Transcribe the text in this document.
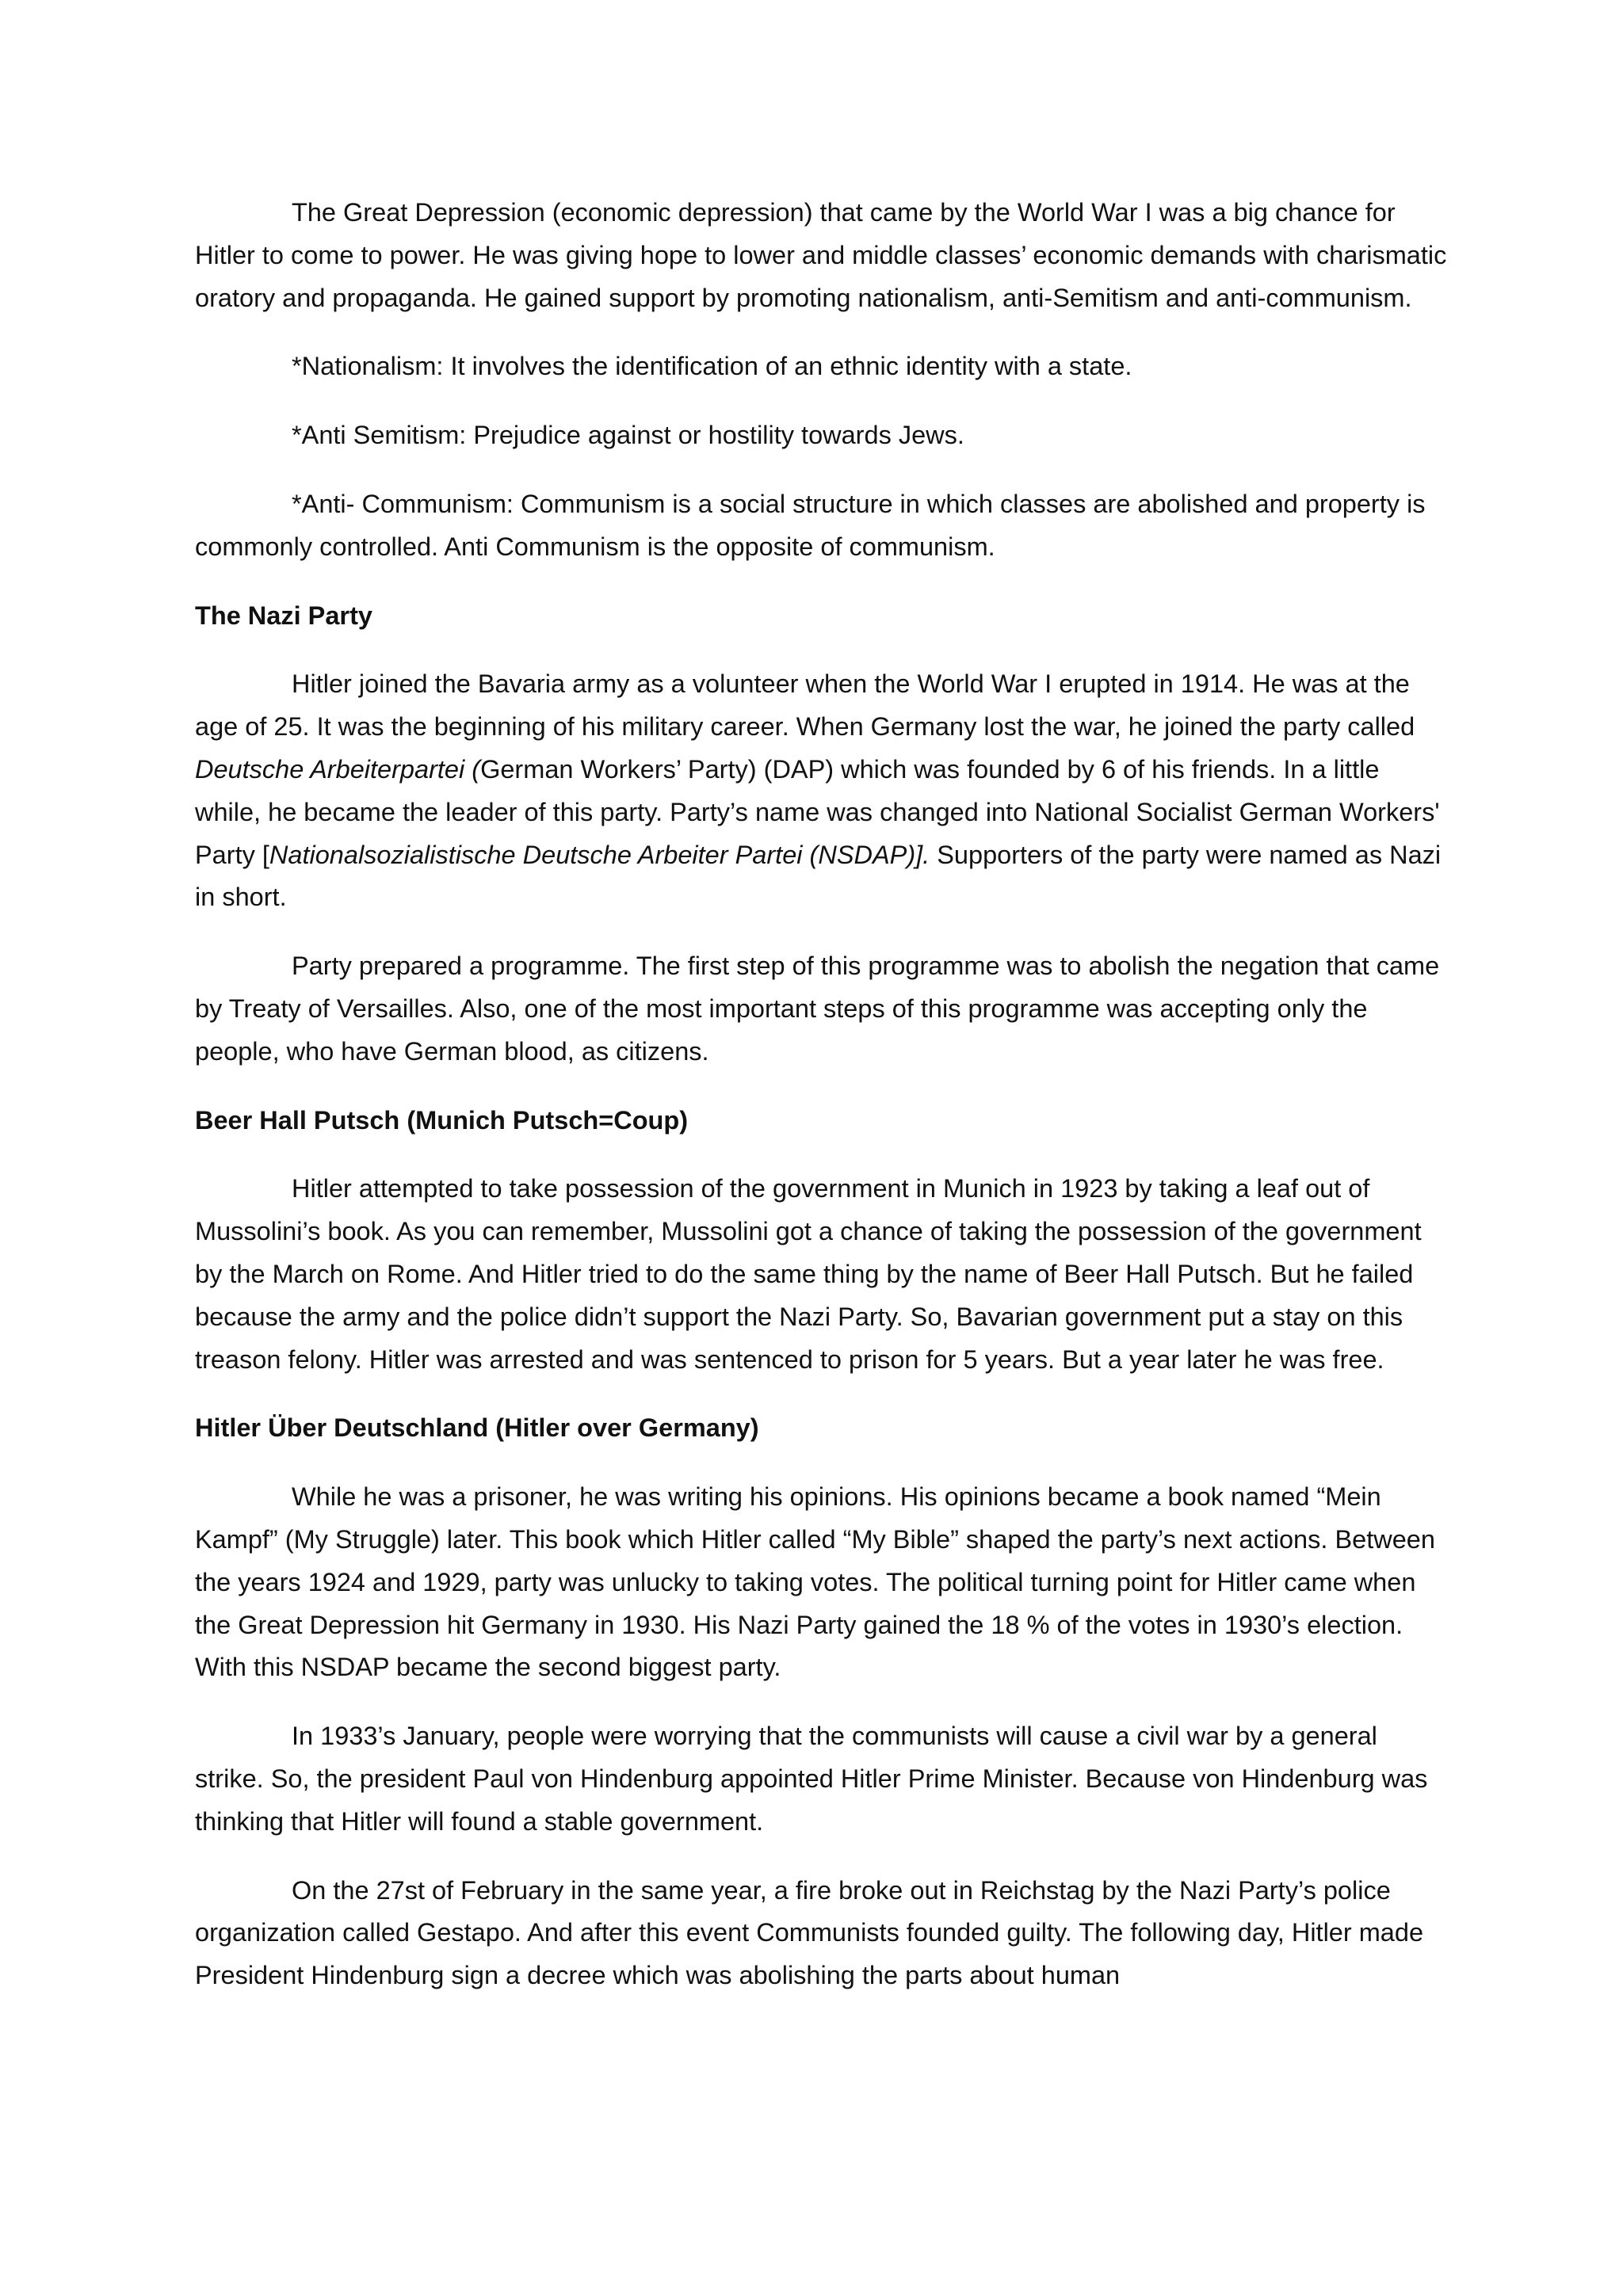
The Great Depression (economic depression) that came by the World War I was a big chance for Hitler to come to power. He was giving hope to lower and middle classes’ economic demands with charismatic oratory and propaganda. He gained support by promoting nationalism, anti-Semitism and anti-communism.

*Nationalism: It involves the identification of an ethnic identity with a state.

*Anti Semitism: Prejudice against or hostility towards Jews.

*Anti- Communism: Communism is a social structure in which classes are abolished and property is commonly controlled. Anti Communism is the opposite of communism.

The Nazi Party

Hitler joined the Bavaria army as a volunteer when the World War I erupted in 1914. He was at the age of 25. It was the beginning of his military career. When Germany lost the war, he joined the party called Deutsche Arbeiterpartei (German Workers’ Party) (DAP) which was founded by 6 of his friends. In a little while, he became the leader of this party. Party’s name was changed into National Socialist German Workers' Party [Nationalsozialistische Deutsche Arbeiter Partei (NSDAP)]. Supporters of the party were named as Nazi in short.

Party prepared a programme. The first step of this programme was to abolish the negation that came by Treaty of Versailles. Also, one of the most important steps of this programme was accepting only the people, who have German blood, as citizens.

Beer Hall Putsch (Munich Putsch=Coup)

Hitler attempted to take possession of the government in Munich in 1923 by taking a leaf out of Mussolini’s book. As you can remember, Mussolini got a chance of taking the possession of the government by the March on Rome. And Hitler tried to do the same thing by the name of Beer Hall Putsch. But he failed because the army and the police didn’t support the Nazi Party. So, Bavarian government put a stay on this treason felony. Hitler was arrested and was sentenced to prison for 5 years. But a year later he was free.

Hitler Über Deutschland (Hitler over Germany)

While he was a prisoner, he was writing his opinions. His opinions became a book named “Mein Kampf” (My Struggle) later. This book which Hitler called “My Bible” shaped the party’s next actions. Between the years 1924 and 1929, party was unlucky to taking votes. The political turning point for Hitler came when the Great Depression hit Germany in 1930. His Nazi Party gained the 18 % of the votes in 1930’s election. With this NSDAP became the second biggest party.

In 1933’s January, people were worrying that the communists will cause a civil war by a general strike. So, the president Paul von Hindenburg appointed Hitler Prime Minister. Because von Hindenburg was thinking that Hitler will found a stable government.

On the 27st of February in the same year, a fire broke out in Reichstag by the Nazi Party’s police organization called Gestapo. And after this event Communists founded guilty. The following day, Hitler made President Hindenburg sign a decree which was abolishing the parts about human
